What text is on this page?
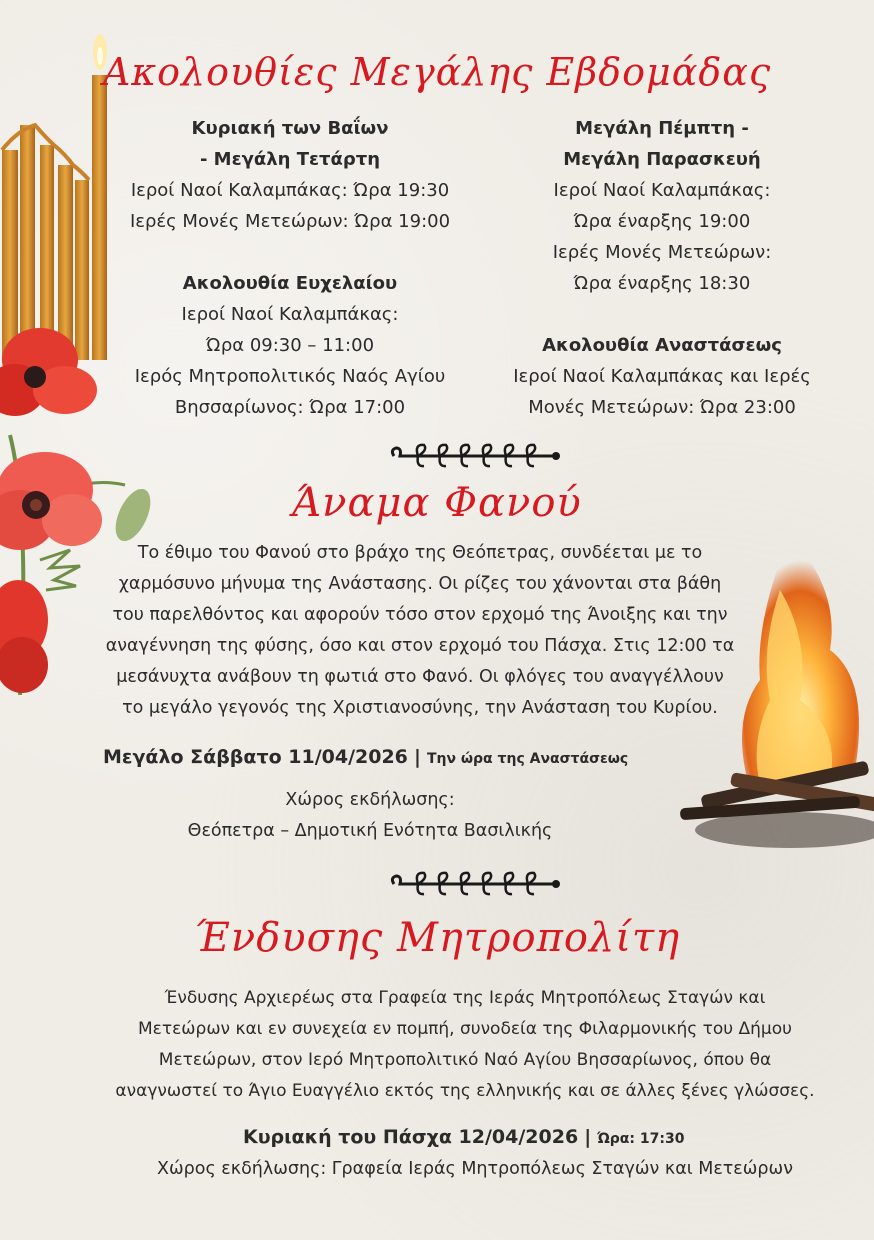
Ακολουθίες Μεγάλης Εβδομάδας
Κυριακή των Βαΐων
- Μεγάλη Τετάρτη
Ιεροί Ναοί Καλαμπάκας: Ώρα 19:30
Ιερές Μονές Μετεώρων: Ώρα 19:00
Ακολουθία Ευχελαίου
Ιεροί Ναοί Καλαμπάκας:
Ώρα 09:30 – 11:00
Ιερός Μητροπολιτικός Ναός Αγίου
Βησσαρίωνος: Ώρα 17:00
Μεγάλη Πέμπτη -
Μεγάλη Παρασκευή
Ιεροί Ναοί Καλαμπάκας:
Ώρα έναρξης 19:00
Ιερές Μονές Μετεώρων:
Ώρα έναρξης 18:30
Ακολουθία Αναστάσεως
Ιεροί Ναοί Καλαμπάκας και Ιερές
Μονές Μετεώρων: Ώρα 23:00
Άναμα Φανού
Το έθιμο του Φανού στο βράχο της Θεόπετρας, συνδέεται με το
χαρμόσυνο μήνυμα της Ανάστασης. Οι ρίζες του χάνονται στα βάθη
του παρελθόντος και αφορούν τόσο στον ερχομό της Άνοιξης και την
αναγέννηση της φύσης, όσο και στον ερχομό του Πάσχα. Στις 12:00 τα
μεσάνυχτα ανάβουν τη φωτιά στο Φανό. Οι φλόγες του αναγγέλλουν
το μεγάλο γεγονός της Χριστιανοσύνης, την Ανάσταση του Κυρίου.
Μεγάλο Σάββατο 11/04/2026 | Την ώρα της Αναστάσεως
Χώρος εκδήλωσης:
Θεόπετρα – Δημοτική Ενότητα Βασιλικής
Ένδυσης Μητροπολίτη
Ένδυσης Αρχιερέως στα Γραφεία της Ιεράς Μητροπόλεως Σταγών και
Μετεώρων και εν συνεχεία εν πομπή, συνοδεία της Φιλαρμονικής του Δήμου
Μετεώρων, στον Ιερό Μητροπολιτικό Ναό Αγίου Βησσαρίωνος, όπου θα
αναγνωστεί το Άγιο Ευαγγέλιο εκτός της ελληνικής και σε άλλες ξένες γλώσσες.
Κυριακή του Πάσχα 12/04/2026 | Ώρα: 17:30
Χώρος εκδήλωσης: Γραφεία Ιεράς Μητροπόλεως Σταγών και Μετεώρων
